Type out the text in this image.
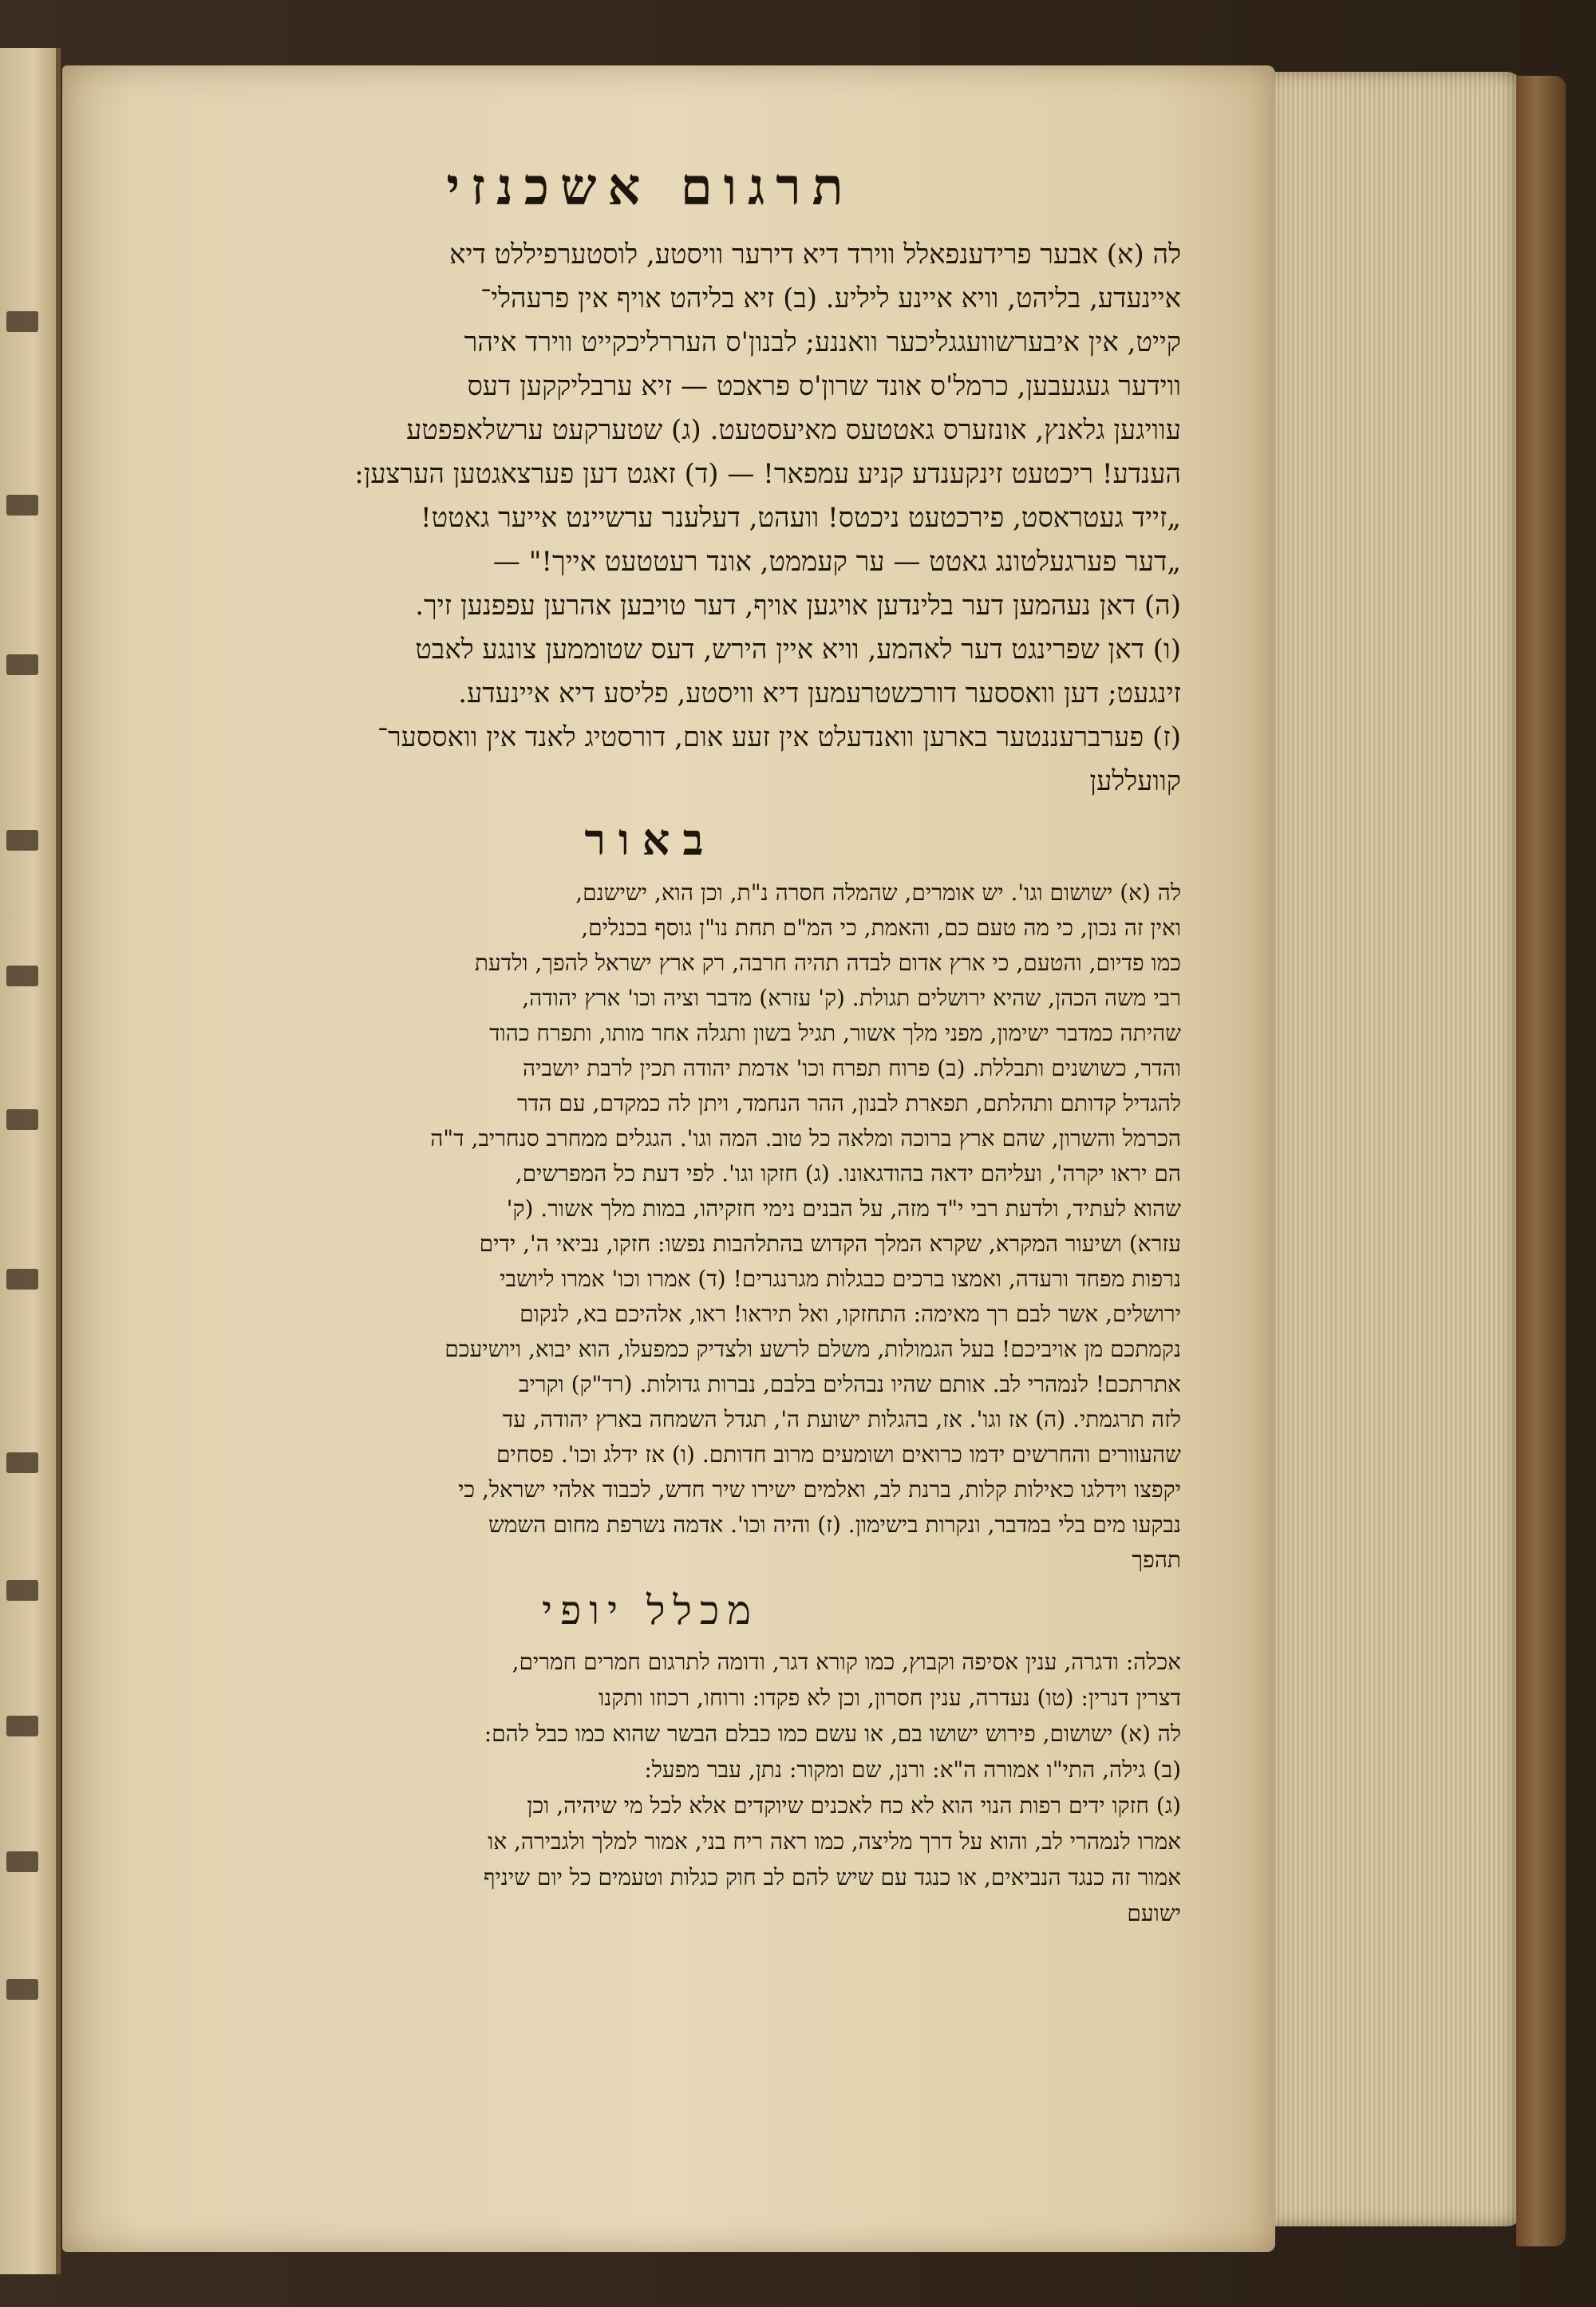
תרגום אשכנזי
לה (א) אבער פרידענפאלל ווירד דיא דירער וויסטע, לוסטערפיללט דיא
איינעדע, בליהט, וויא איינע ליליע. (ב) זיא בליהט אויף אין פרעהלי־
קייט, אין איבערשוועגגליכער וואננע; לבנון'ס העררליכקייט ווירד איהר
ווידער געגעבען, כרמל'ס אונד שרון'ס פראכט — זיא ערבליקקען דעס
עוויגען גלאנץ, אונזערס גאטטעס מאיעסטעט. (ג) שטערקעט ערשלאפפטע
הענדע! ריכטעט זינקענדע קניע עמפאר! — (ד) זאגט דען פערצאגטען הערצען:
„זייד געטראסט, פירכטעט ניכטס! וועהט, דעלענר ערשיינט אייער גאטט!
„דער פערגעלטונג גאטט — ער קעממט, אונד רעטטעט אייך!" —
(ה) דאן נעהמען דער בלינדען אויגען אויף, דער טויבען אהרען עפפנען זיך.
(ו) דאן שפרינגט דער לאהמע, וויא איין הירש, דעס שטוממען צונגע לאבט
זינגעט; דען וואססער דורכשטרעמען דיא וויסטע, פליסע דיא איינעדע.
(ז) פערברעננטער בארען וואנדעלט אין זעע אום, דורסטיג לאנד אין וואססער־
קוועללען
באור
לה (א) ישושום וגו'. יש אומרים, שהמלה חסרה נ"ת, וכן הוא, ישישנם,
ואין זה נכון, כי מה טעם כם, והאמת, כי המ"ם תחת נו"ן גוסף בכנלים,
כמו פדיום, והטעם, כי ארץ אדום לבדה תהיה חרבה, רק ארץ ישראל להפך, ולדעת
רבי משה הכהן, שהיא ירושלים תגולת. (ק' עזרא) מדבר וציה וכו' ארץ יהודה,
שהיתה כמדבר ישימון, מפני מלך אשור, תגיל בשון ותגלה אחר מותו, ותפרח כהוד
והדר, כשושנים ותבללת. (ב) פרוח תפרח וכו' אדמת יהודה תכין לרבת יושביה
להגדיל קדותם ותהלתם, תפארת לבנון, ההר הנחמד, ויתן לה כמקדם, עם הדר
הכרמל והשרון, שהם ארץ ברוכה ומלאה כל טוב. המה וגו'. הגגלים ממחרב סנחריב, ד"ה
הם יראו יקרה', ועליהם ידאה בהודגאונו. (ג) חזקו וגו'. לפי דעת כל המפרשים,
שהוא לעתיד, ולדעת רבי י"ד מזה, על הבנים נימי חזקיהו, במות מלך אשור. (ק'
עזרא) ושיעור המקרא, שקרא המלך הקדוש בהתלהבות נפשו: חזקו, נביאי ה', ידים
נרפות מפחד ורעדה, ואמצו ברכים כבגלות מגרנגרים! (ד) אמרו וכו' אמרו ליושבי
ירושלים, אשר לבם רך מאימה: התחזקו, ואל תיראו! ראו, אלהיכם בא, לנקום
נקמתכם מן אויביכם! בעל הגמולות, משלם לרשע ולצדיק כמפעלו, הוא יבוא, ויושיעכם
אתרתכם! לנמהרי לב. אותם שהיו נבהלים בלבם, נברות גדולות. (רד"ק) וקריב
לזה תרגמתי. (ה) אז וגו'. אז, בהגלות ישועת ה', תגדל השמחה בארץ יהודה, עד
שהעוורים והחרשים ידמו כרואים ושומעים מרוב חדותם. (ו) אז ידלג וכו'. פסחים
יקפצו וידלגו כאילות קלות, ברנת לב, ואלמים ישירו שיר חדש, לכבוד אלהי ישראל, כי
נבקעו מים בלי במדבר, ונקרות בישימון. (ז) והיה וכו'. אדמה נשרפת מחום השמש
תהפך
מכלל יופי
אכלה: ודגרה, ענין אסיפה וקבוץ, כמו קורא דגר, ודומה לתרגום חמרים חמרים,
דצרין דנרין: (טו) נעדרה, ענין חסרון, וכן לא פקדו: ורוחו, רכוזו ותקנו
לה (א) ישושום, פירוש ישושו בם, או עשם כמו כבלם הבשר שהוא כמו כבל להם:
(ב) גילה, התי"ו אמורה ה"א: ורנן, שם ומקור: נתן, עבר מפעל:
(ג) חזקו ידים רפות הנוי הוא לא כח לאכנים שיוקדים אלא לכל מי שיהיה, וכן
אמרו לנמהרי לב, והוא על דרך מליצה, כמו ראה ריח בני, אמור למלך ולגבירה, או
אמור זה כנגד הנביאים, או כנגד עם שיש להם לב חוק כגלות וטעמים כל יום שיניף
ישועם
